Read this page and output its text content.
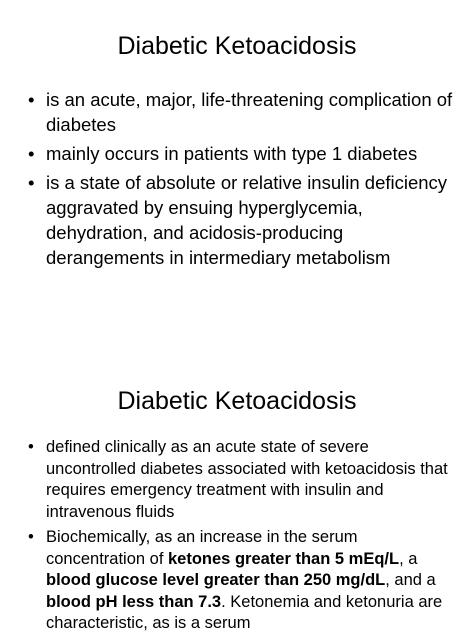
Diabetic Ketoacidosis
• is an acute, major, life-threatening complication of diabetes
• mainly occurs in patients with type 1 diabetes
• is a state of absolute or relative insulin deficiency aggravated by ensuing hyperglycemia, dehydration, and acidosis-producing derangements in intermediary metabolism
Diabetic Ketoacidosis
• defined clinically as an acute state of severe uncontrolled diabetes associated with ketoacidosis that requires emergency treatment with insulin and intravenous fluids
• Biochemically, as an increase in the serum concentration of ketones greater than 5 mEq/L, a blood glucose level greater than 250 mg/dL, and a blood pH less than 7.3. Ketonemia and ketonuria are characteristic, as is a serum
